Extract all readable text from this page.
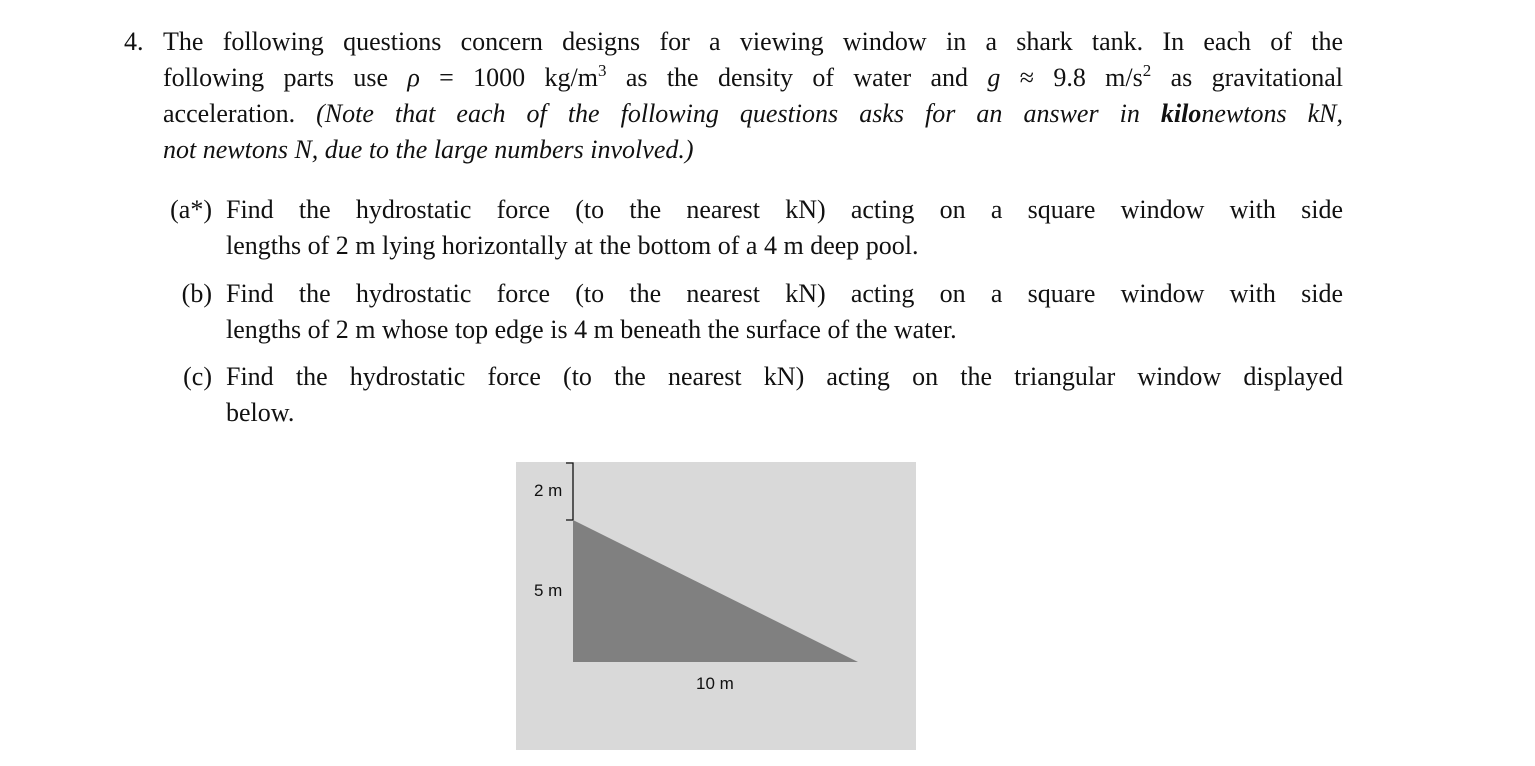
4. The following questions concern designs for a viewing window in a shark tank. In each of the
following parts use ρ = 1000 $kg/m^3$ as the density of water and g ≈ 9.8 $m/s^2$ as gravitational
acceleration. (Note that each of the following questions asks for an answer in kilonewtons kN,
not newtons N, due to the large numbers involved.)
(a*) Find the hydrostatic force (to the nearest kN) acting on a square window with side
lengths of 2 m lying horizontally at the bottom of a 4 m deep pool.
(b) Find the hydrostatic force (to the nearest kN) acting on a square window with side
lengths of 2 m whose top edge is 4 m beneath the surface of the water.
(c) Find the hydrostatic force (to the nearest kN) acting on the triangular window displayed
below.
2 m
5 m
10 m
